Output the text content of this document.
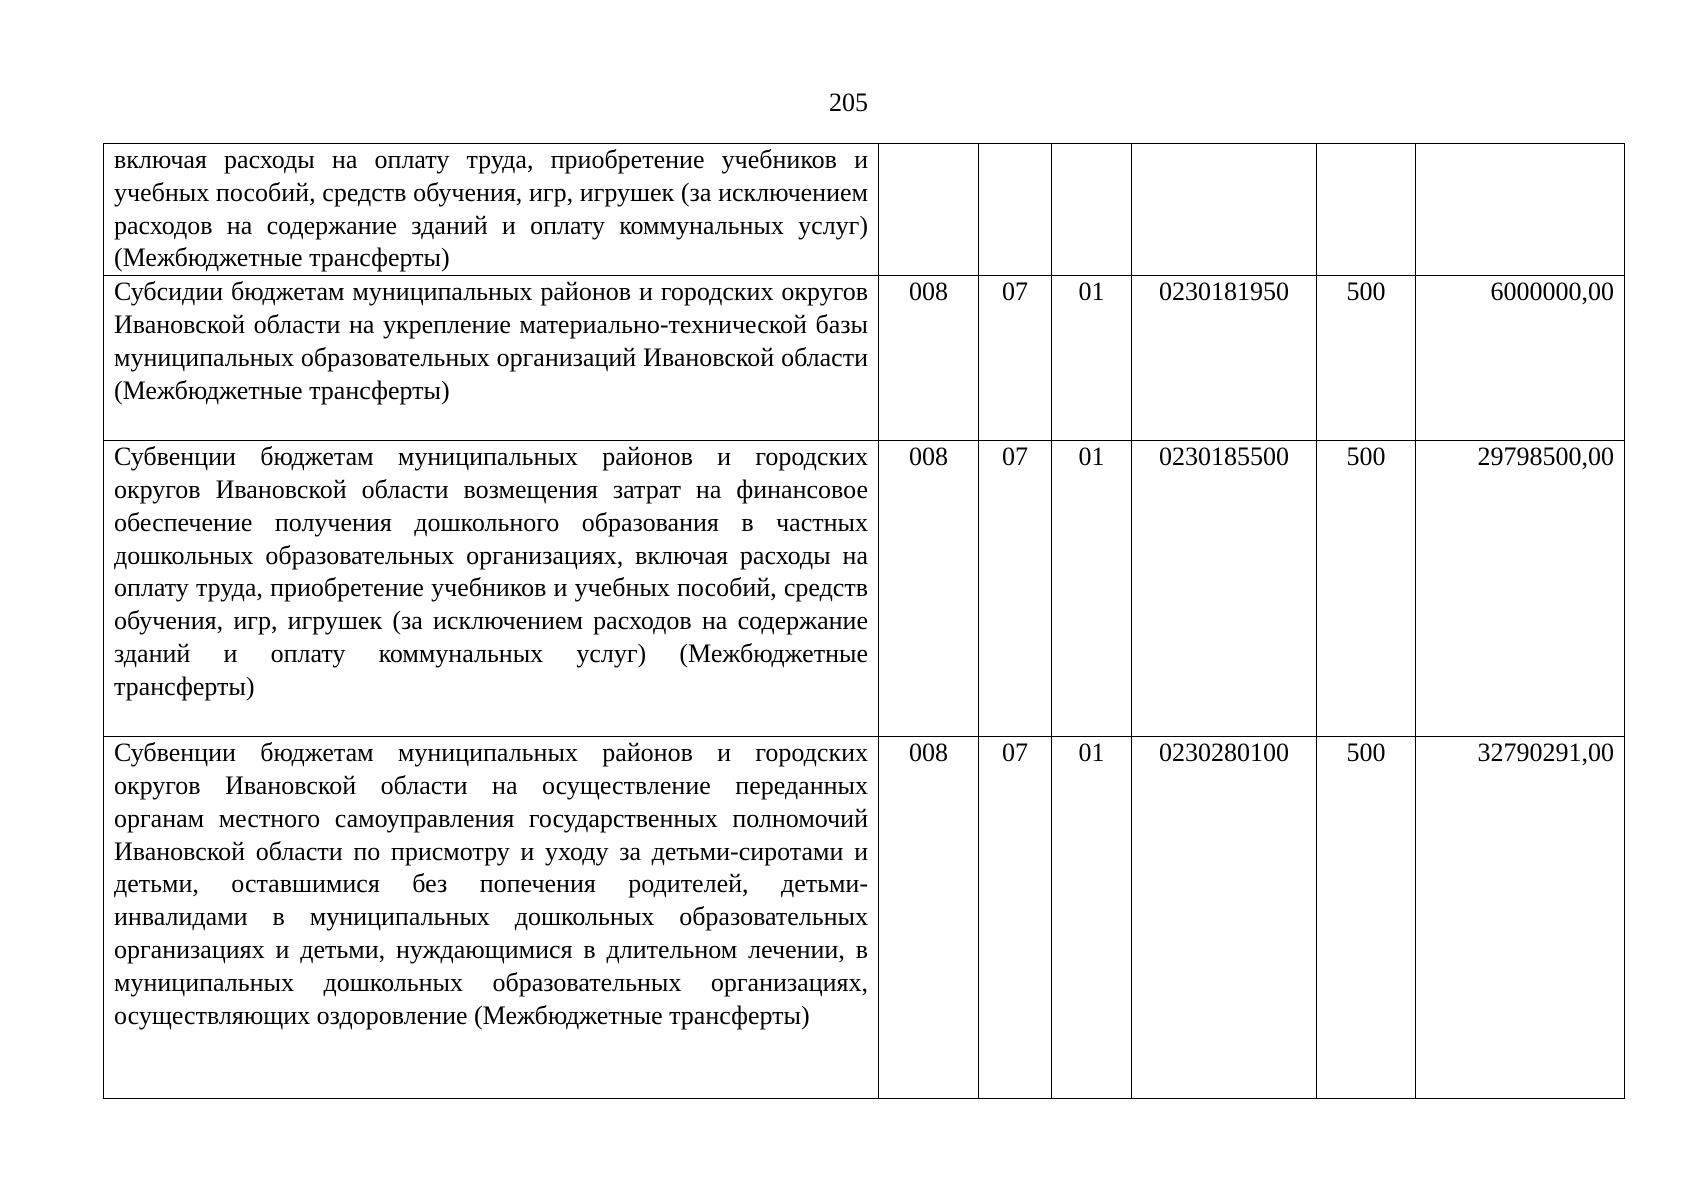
205
включая расходы на оплату труда, приобретение учебников и учебных пособий, средств обучения, игр, игрушек (за исключением расходов на содержание зданий и оплату коммунальных услуг) (Межбюджетные трансферты)						
Субсидии бюджетам муниципальных районов и городских округов Ивановской области на укрепление материально-технической базы муниципальных образовательных организаций Ивановской области (Межбюджетные трансферты)	008	07	01	0230181950	500	6000000,00
Субвенции бюджетам муниципальных районов и городских округов Ивановской области возмещения затрат на финансовое обеспечение получения дошкольного образования в частных дошкольных образовательных организациях, включая расходы на оплату труда, приобретение учебников и учебных пособий, средств обучения, игр, игрушек (за исключением расходов на содержание зданий и оплату коммунальных услуг) (Межбюджетные трансферты)	008	07	01	0230185500	500	29798500,00
Субвенции бюджетам муниципальных районов и городских округов Ивановской области на осуществление переданных органам местного самоуправления государственных полномочий Ивановской области по присмотру и уходу за детьми-сиротами и детьми, оставшимися без попечения родителей, детьми-инвалидами в муниципальных дошкольных образовательных организациях и детьми, нуждающимися в длительном лечении, в муниципальных дошкольных образовательных организациях, осуществляющих оздоровление (Межбюджетные трансферты)	008	07	01	0230280100	500	32790291,00
